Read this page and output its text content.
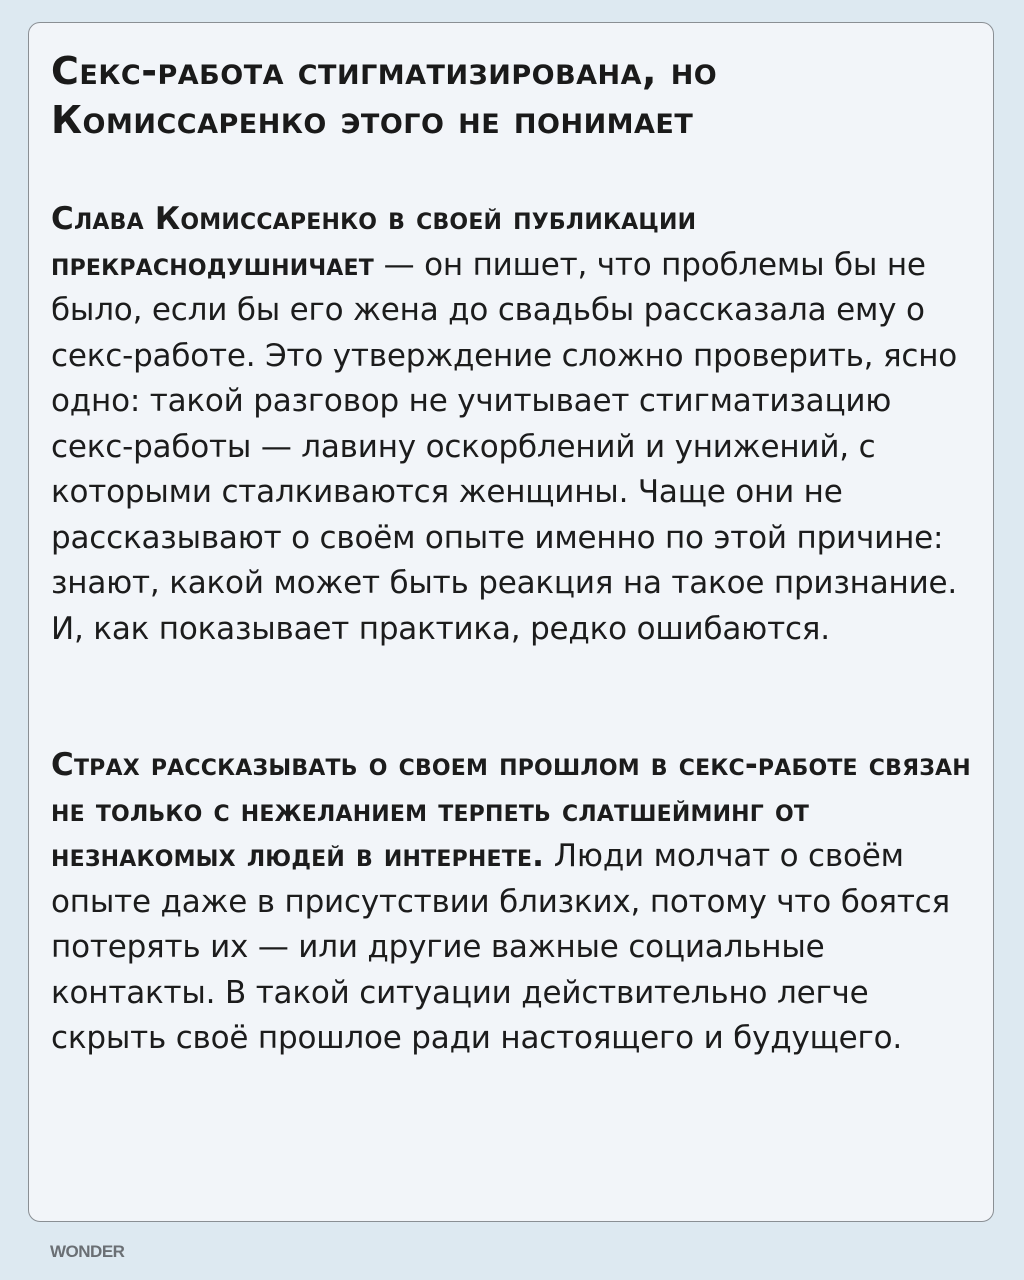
Секс-работа стигматизирована, но Комиссаренко этого не понимает

Слава Комиссаренко в своей публикации прекраснодушничает — он пишет, что проблемы бы не было, если бы его жена до свадьбы рассказала ему о секс-работе. Это утверждение сложно проверить, ясно одно: такой разговор не учитывает стигматизацию секс-работы — лавину оскорблений и унижений, с которыми сталкиваются женщины. Чаще они не рассказывают о своём опыте именно по этой причине: знают, какой может быть реакция на такое признание. И, как показывает практика, редко ошибаются.

Страх рассказывать о своем прошлом в секс-работе связан не только с нежеланием терпеть слатшейминг от незнакомых людей в интернете. Люди молчат о своём опыте даже в присутствии близких, потому что боятся потерять их — или другие важные социальные контакты. В такой ситуации действительно легче скрыть своё прошлое ради настоящего и будущего.

WONDER
